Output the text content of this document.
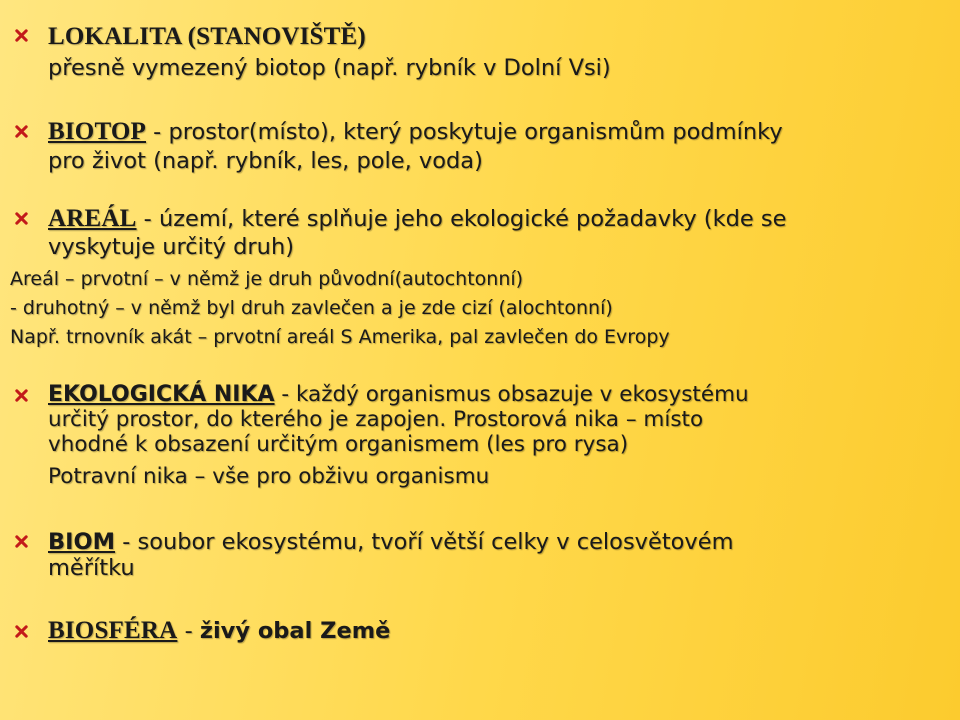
LOKALITA (STANOVIŠTĚ)
přesně vymezený biotop (např. rybník v Dolní Vsi)
BIOTOP - prostor(místo), který poskytuje organismům podmínky
pro život (např. rybník, les, pole, voda)
AREÁL - území, které splňuje jeho ekologické požadavky (kde se
vyskytuje určitý druh)
Areál – prvotní – v němž je druh původní(autochtonní)
- druhotný – v němž byl druh zavlečen a je zde cizí (alochtonní)
Např. trnovník akát – prvotní areál S Amerika, pal zavlečen do Evropy
EKOLOGICKÁ NIKA - každý organismus obsazuje v ekosystému
určitý prostor, do kterého je zapojen. Prostorová nika – místo
vhodné k obsazení určitým organismem (les pro rysa)
Potravní nika – vše pro obživu organismu
BIOM - soubor ekosystému, tvoří větší celky v celosvětovém
měřítku
BIOSFÉRA - živý obal Země
